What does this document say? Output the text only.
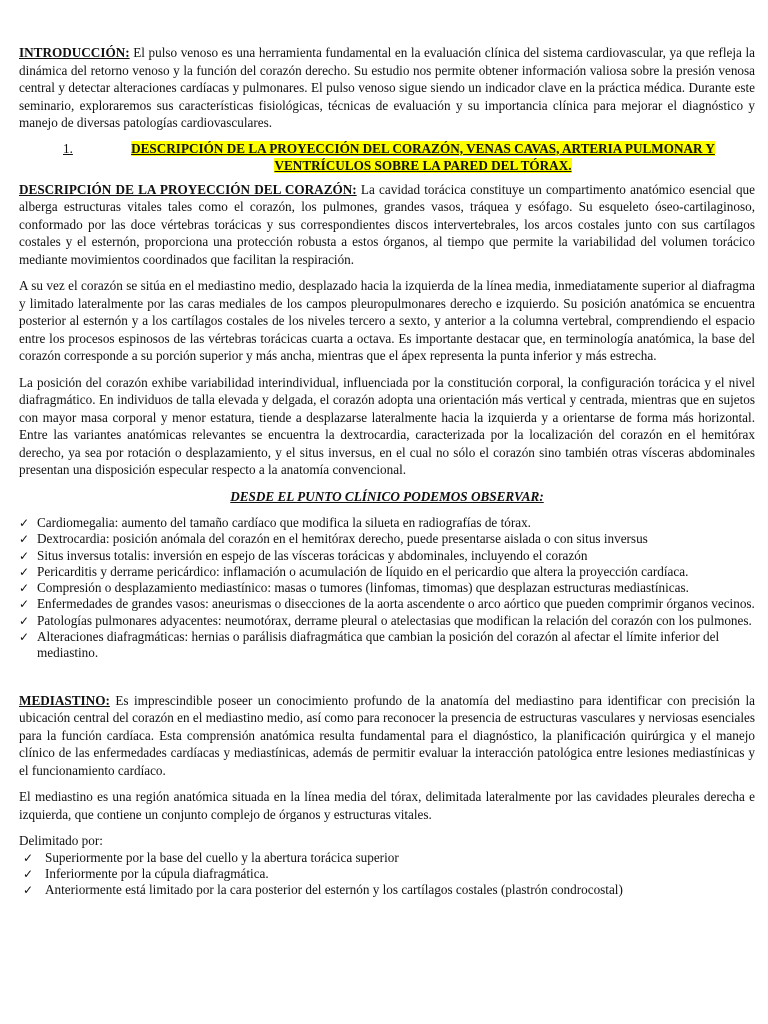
INTRODUCCIÓN: El pulso venoso es una herramienta fundamental en la evaluación clínica del sistema cardiovascular, ya que refleja la dinámica del retorno venoso y la función del corazón derecho. Su estudio nos permite obtener información valiosa sobre la presión venosa central y detectar alteraciones cardíacas y pulmonares. El pulso venoso sigue siendo un indicador clave en la práctica médica. Durante este seminario, exploraremos sus características fisiológicas, técnicas de evaluación y su importancia clínica para mejorar el diagnóstico y manejo de diversas patologías cardiovasculares.

1.	DESCRIPCIÓN DE LA PROYECCIÓN DEL CORAZÓN, VENAS CAVAS, ARTERIA PULMONAR Y VENTRÍCULOS SOBRE LA PARED DEL TÓRAX.

DESCRIPCIÓN DE LA PROYECCIÓN DEL CORAZÓN: La cavidad torácica constituye un compartimento anatómico esencial que alberga estructuras vitales tales como el corazón, los pulmones, grandes vasos, tráquea y esófago. Su esqueleto óseo-cartilaginoso, conformado por las doce vértebras torácicas y sus correspondientes discos intervertebrales, los arcos costales junto con sus cartílagos costales y el esternón, proporciona una protección robusta a estos órganos, al tiempo que permite la variabilidad del volumen torácico mediante movimientos coordinados que facilitan la respiración.

A su vez el corazón se sitúa en el mediastino medio, desplazado hacia la izquierda de la línea media, inmediatamente superior al diafragma y limitado lateralmente por las caras mediales de los campos pleuropulmonares derecho e izquierdo. Su posición anatómica se encuentra posterior al esternón y a los cartílagos costales de los niveles tercero a sexto, y anterior a la columna vertebral, comprendiendo el espacio entre los procesos espinosos de las vértebras torácicas cuarta a octava. Es importante destacar que, en terminología anatómica, la base del corazón corresponde a su porción superior y más ancha, mientras que el ápex representa la punta inferior y más estrecha.

La posición del corazón exhibe variabilidad interindividual, influenciada por la constitución corporal, la configuración torácica y el nivel diafragmático. En individuos de talla elevada y delgada, el corazón adopta una orientación más vertical y centrada, mientras que en sujetos con mayor masa corporal y menor estatura, tiende a desplazarse lateralmente hacia la izquierda y a orientarse de forma más horizontal. Entre las variantes anatómicas relevantes se encuentra la dextrocardia, caracterizada por la localización del corazón en el hemitórax derecho, ya sea por rotación o desplazamiento, y el situs inversus, en el cual no sólo el corazón sino también otras vísceras abdominales presentan una disposición especular respecto a la anatomía convencional.

DESDE EL PUNTO CLÍNICO PODEMOS OBSERVAR:
✓ Cardiomegalia: aumento del tamaño cardíaco que modifica la silueta en radiografías de tórax.
✓ Dextrocardia: posición anómala del corazón en el hemitórax derecho, puede presentarse aislada o con situs inversus
✓ Situs inversus totalis: inversión en espejo de las vísceras torácicas y abdominales, incluyendo el corazón
✓ Pericarditis y derrame pericárdico: inflamación o acumulación de líquido en el pericardio que altera la proyección cardíaca.
✓ Compresión o desplazamiento mediastínico: masas o tumores (linfomas, timomas) que desplazan estructuras mediastínicas.
✓ Enfermedades de grandes vasos: aneurismas o disecciones de la aorta ascendente o arco aórtico que pueden comprimir órganos vecinos.
✓ Patologías pulmonares adyacentes: neumotórax, derrame pleural o atelectasias que modifican la relación del corazón con los pulmones.
✓ Alteraciones diafragmáticas: hernias o parálisis diafragmática que cambian la posición del corazón al afectar el límite inferior del mediastino.

MEDIASTINO: Es imprescindible poseer un conocimiento profundo de la anatomía del mediastino para identificar con precisión la ubicación central del corazón en el mediastino medio, así como para reconocer la presencia de estructuras vasculares y nerviosas esenciales para la función cardíaca. Esta comprensión anatómica resulta fundamental para el diagnóstico, la planificación quirúrgica y el manejo clínico de las enfermedades cardíacas y mediastínicas, además de permitir evaluar la interacción patológica entre lesiones mediastínicas y el funcionamiento cardíaco.

El mediastino es una región anatómica situada en la línea media del tórax, delimitada lateralmente por las cavidades pleurales derecha e izquierda, que contiene un conjunto complejo de órganos y estructuras vitales.

Delimitado por:
✓ Superiormente por la base del cuello y la abertura torácica superior
✓ Inferiormente por la cúpula diafragmática.
✓ Anteriormente está limitado por la cara posterior del esternón y los cartílagos costales (plastrón condrocostal)
